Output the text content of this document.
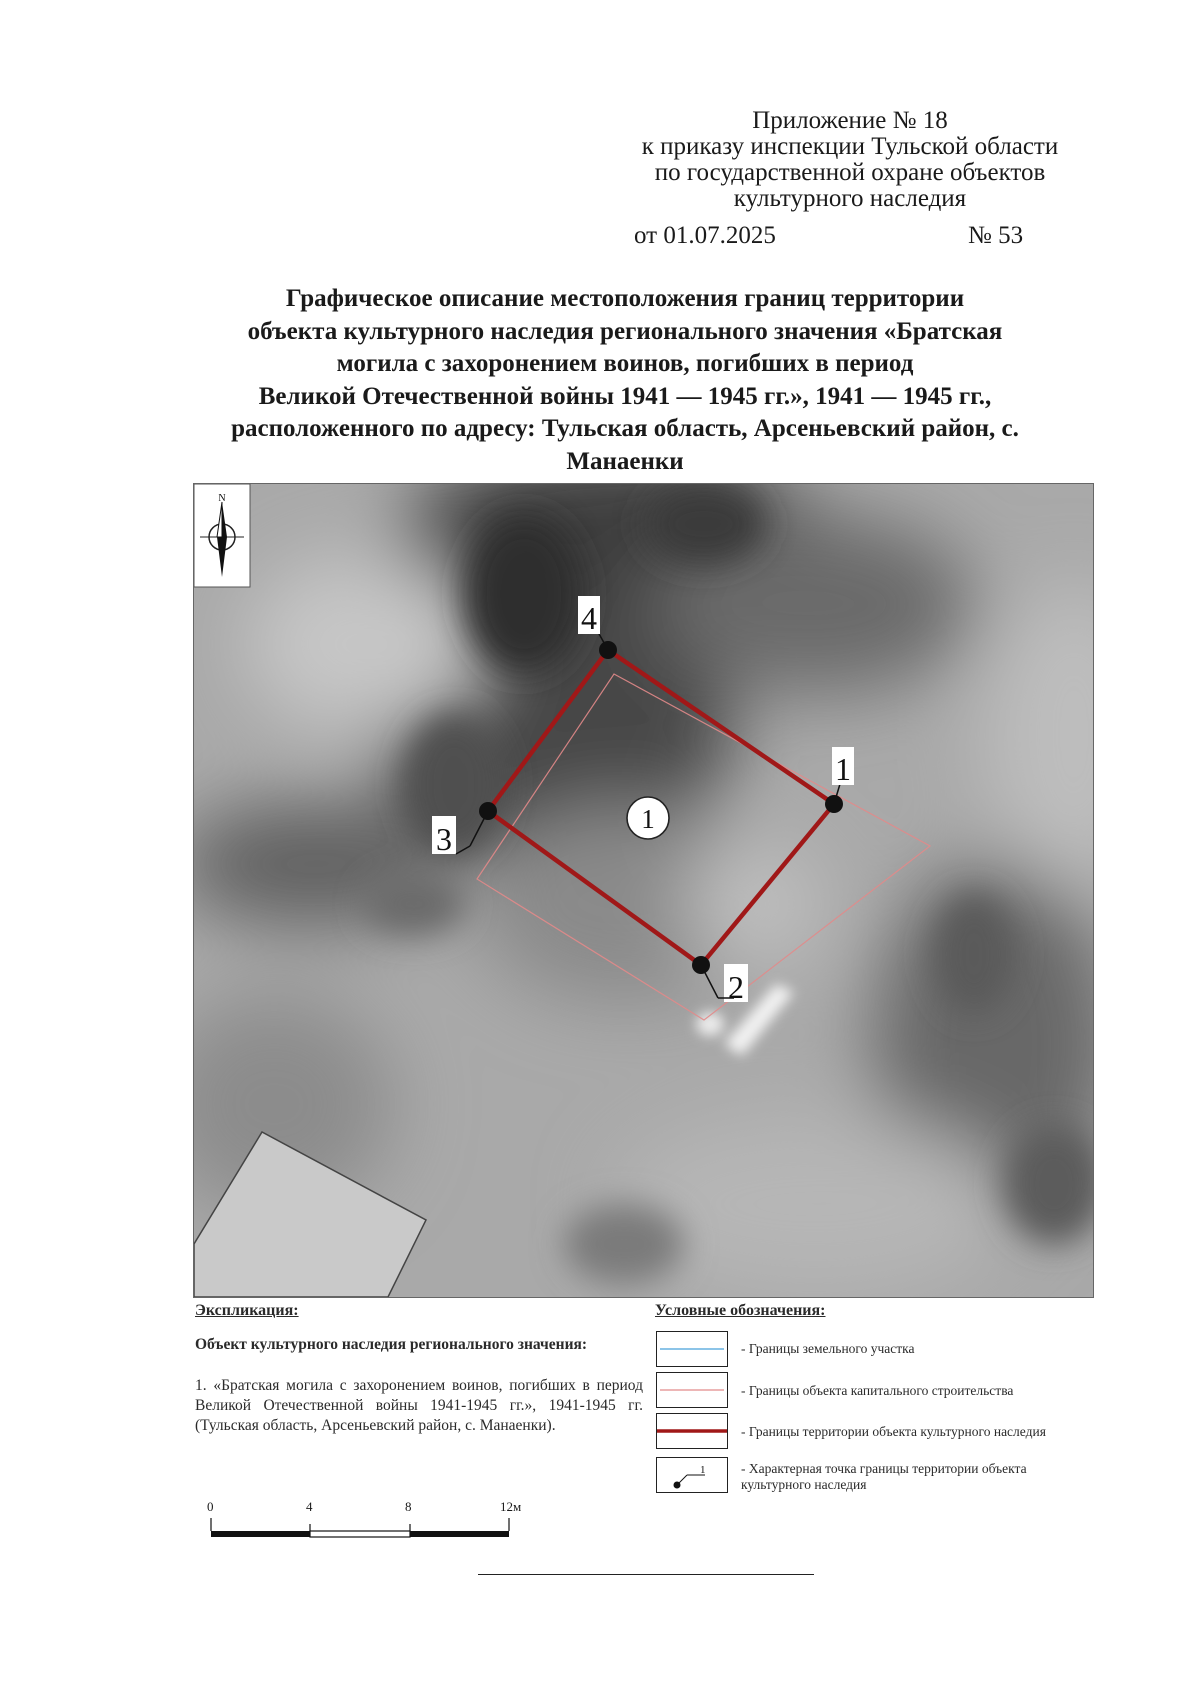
Приложение № 18
к приказу инспекции Тульской области
по государственной охране объектов
культурного наследия
от 01.07.2025	№ 53
Графическое описание местоположения границ территории
объекта культурного наследия регионального значения «Братская
могила с захоронением воинов, погибших в период
Великой Отечественной войны 1941 — 1945 гг.», 1941 — 1945 гг.,
расположенного по адресу: Тульская область, Арсеньевский район, с.
Манаенки
N
1
4
1
3
2
Экспликация:
Объект культурного наследия регионального значения:
1. «Братская могила с захоронением воинов, погибших в период Великой Отечественной войны 1941-1945 гг.», 1941-1945 гг. (Тульская область, Арсеньевский район, с. Манаенки).
Условные обозначения:
- Границы земельного участка
- Границы объекта капитального строительства
- Границы территории объекта культурного наследия
1	- Характерная точка границы территории объекта культурного наследия
0	4	8	12м
